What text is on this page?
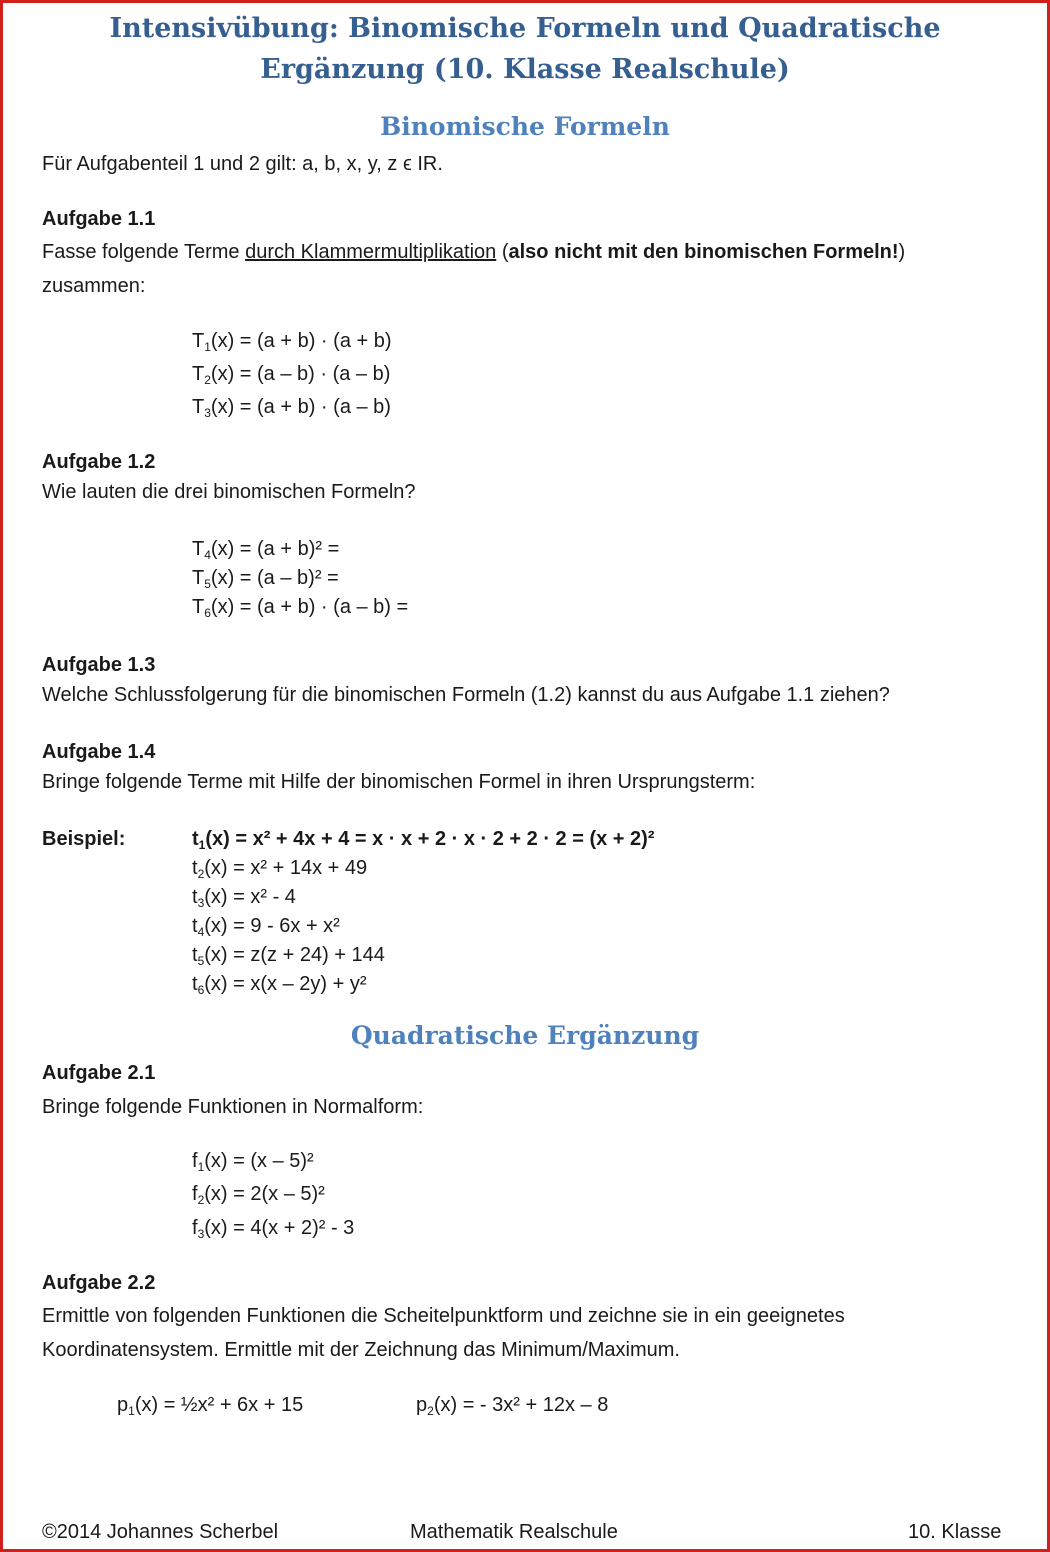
Intensivübung: Binomische Formeln und Quadratische Ergänzung (10. Klasse Realschule)
Binomische Formeln
Für Aufgabenteil 1 und 2 gilt: a, b, x, y, z ϵ IR.
Aufgabe 1.1
Fasse folgende Terme durch Klammermultiplikation (also nicht mit den binomischen Formeln!)
zusammen:
$T_1(x) = (a + b) \cdot (a + b)$
$T_2(x) = (a - b) \cdot (a - b)$
$T_3(x) = (a + b) \cdot (a - b)$
Aufgabe 1.2
Wie lauten die drei binomischen Formeln?
$T_4(x) = (a + b)^2$ =
$T_5(x) = (a - b)^2$ =
$T_6(x) = (a + b) \cdot (a - b)$ =
Aufgabe 1.3
Welche Schlussfolgerung für die binomischen Formeln (1.2) kannst du aus Aufgabe 1.1 ziehen?
Aufgabe 1.4
Bringe folgende Terme mit Hilfe der binomischen Formel in ihren Ursprungsterm:
Beispiel:	$t_1(x) = x^2 + 4x + 4 = x \cdot x + 2 \cdot x \cdot 2 + 2 \cdot 2 = (x + 2)^2$
$t_2(x) = x^2 + 14x + 49$
$t_3(x) = x^2 - 4$
$t_4(x) = 9 - 6x + x^2$
$t_5(x) = z(z + 24) + 144$
$t_6(x) = x(x - 2y) + y^2$
Quadratische Ergänzung
Aufgabe 2.1
Bringe folgende Funktionen in Normalform:
$f_1(x) = (x - 5)^2$
$f_2(x) = 2(x - 5)^2$
$f_3(x) = 4(x + 2)^2 - 3$
Aufgabe 2.2
Ermittle von folgenden Funktionen die Scheitelpunktform und zeichne sie in ein geeignetes
Koordinatensystem. Ermittle mit der Zeichnung das Minimum/Maximum.
$p_1(x)$ = ½x² + 6x + 15	$p_2(x)$ = - 3x² + 12x – 8
©2014 Johannes Scherbel	Mathematik Realschule	10. Klasse
